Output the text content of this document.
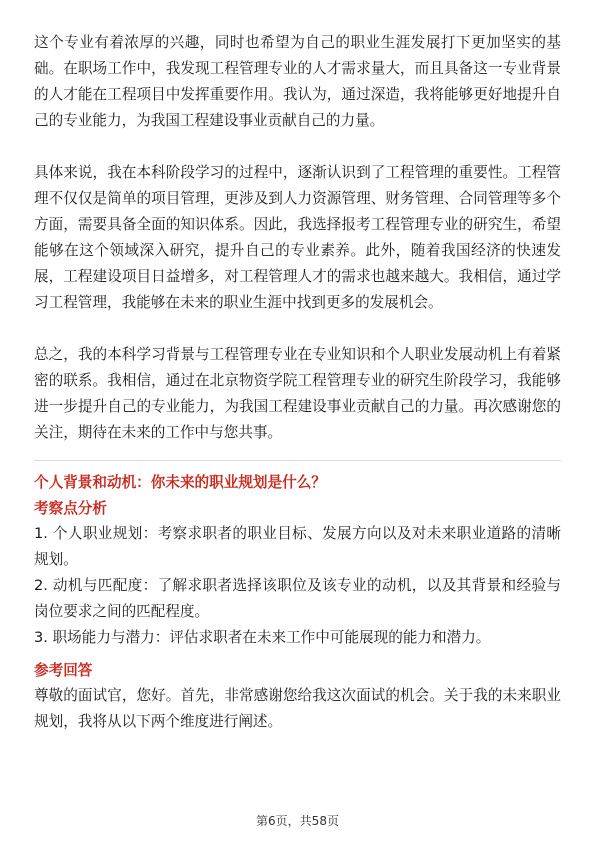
这个专业有着浓厚的兴趣，同时也希望为自己的职业生涯发展打下更加坚实的基础。在职场工作中，我发现工程管理专业的人才需求量大，而且具备这一专业背景的人才能在工程项目中发挥重要作用。我认为，通过深造，我将能够更好地提升自己的专业能力，为我国工程建设事业贡献自己的力量。

具体来说，我在本科阶段学习的过程中，逐渐认识到了工程管理的重要性。工程管理不仅仅是简单的项目管理，更涉及到人力资源管理、财务管理、合同管理等多个方面，需要具备全面的知识体系。因此，我选择报考工程管理专业的研究生，希望能够在这个领域深入研究，提升自己的专业素养。此外，随着我国经济的快速发展，工程建设项目日益增多，对工程管理人才的需求也越来越大。我相信，通过学习工程管理，我能够在未来的职业生涯中找到更多的发展机会。

总之，我的本科学习背景与工程管理专业在专业知识和个人职业发展动机上有着紧密的联系。我相信，通过在北京物资学院工程管理专业的研究生阶段学习，我能够进一步提升自己的专业能力，为我国工程建设事业贡献自己的力量。再次感谢您的关注，期待在未来的工作中与您共事。

个人背景和动机：你未来的职业规划是什么？

考察点分析

1. 个人职业规划：考察求职者的职业目标、发展方向以及对未来职业道路的清晰规划。

2. 动机与匹配度：了解求职者选择该职位及该专业的动机，以及其背景和经验与岗位要求之间的匹配程度。

3. 职场能力与潜力：评估求职者在未来工作中可能展现的能力和潜力。

参考回答

尊敬的面试官，您好。首先，非常感谢您给我这次面试的机会。关于我的未来职业规划，我将从以下两个维度进行阐述。

第6页，共58页
